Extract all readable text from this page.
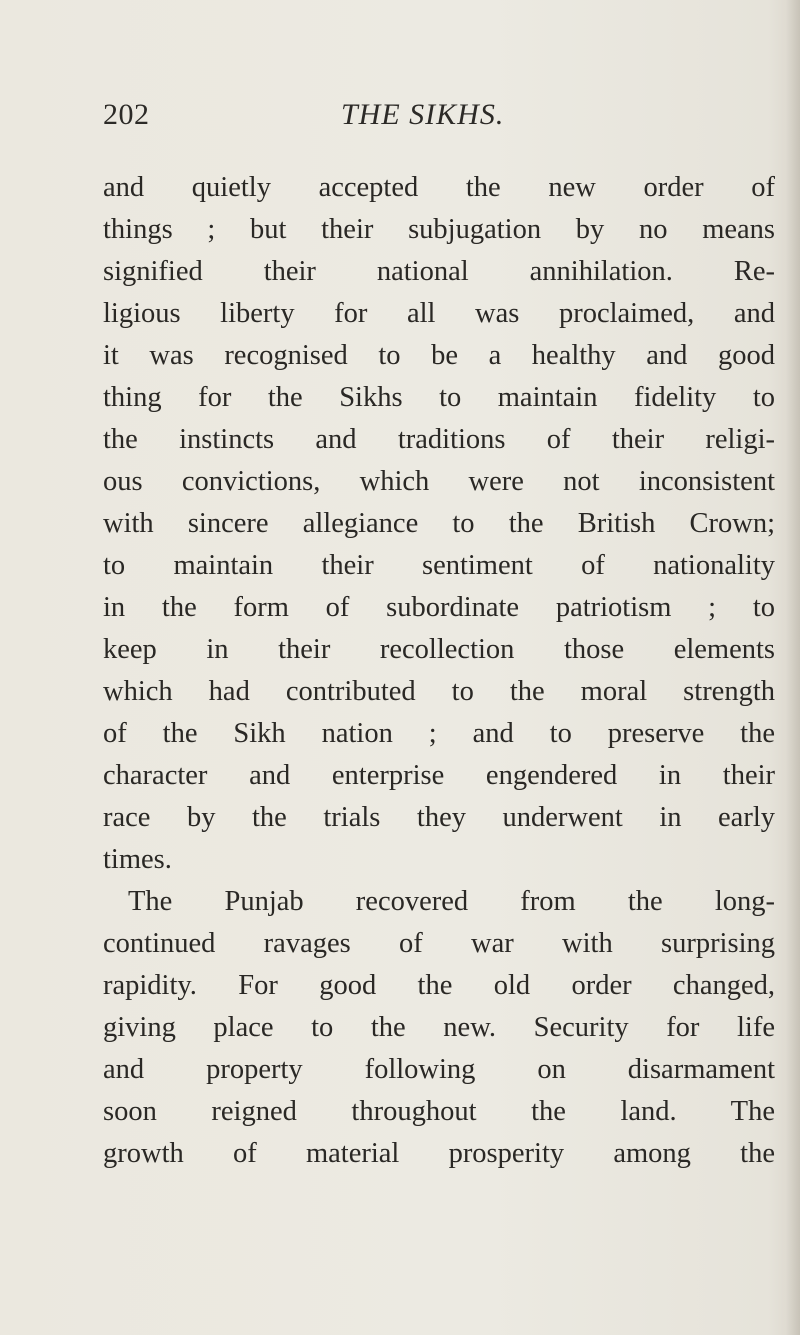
202	THE SIKHS.
and quietly accepted the new order of
things ; but their subjugation by no means
signified their national annihilation. Re-
ligious liberty for all was proclaimed, and
it was recognised to be a healthy and good
thing for the Sikhs to maintain fidelity to
the instincts and traditions of their religi-
ous convictions, which were not inconsistent
with sincere allegiance to the British Crown;
to maintain their sentiment of nationality
in the form of subordinate patriotism ; to
keep in their recollection those elements
which had contributed to the moral strength
of the Sikh nation ; and to preserve the
character and enterprise engendered in their
race by the trials they underwent in early
times.
The Punjab recovered from the long-
continued ravages of war with surprising
rapidity. For good the old order changed,
giving place to the new. Security for life
and property following on disarmament
soon reigned throughout the land. The
growth of material prosperity among the
